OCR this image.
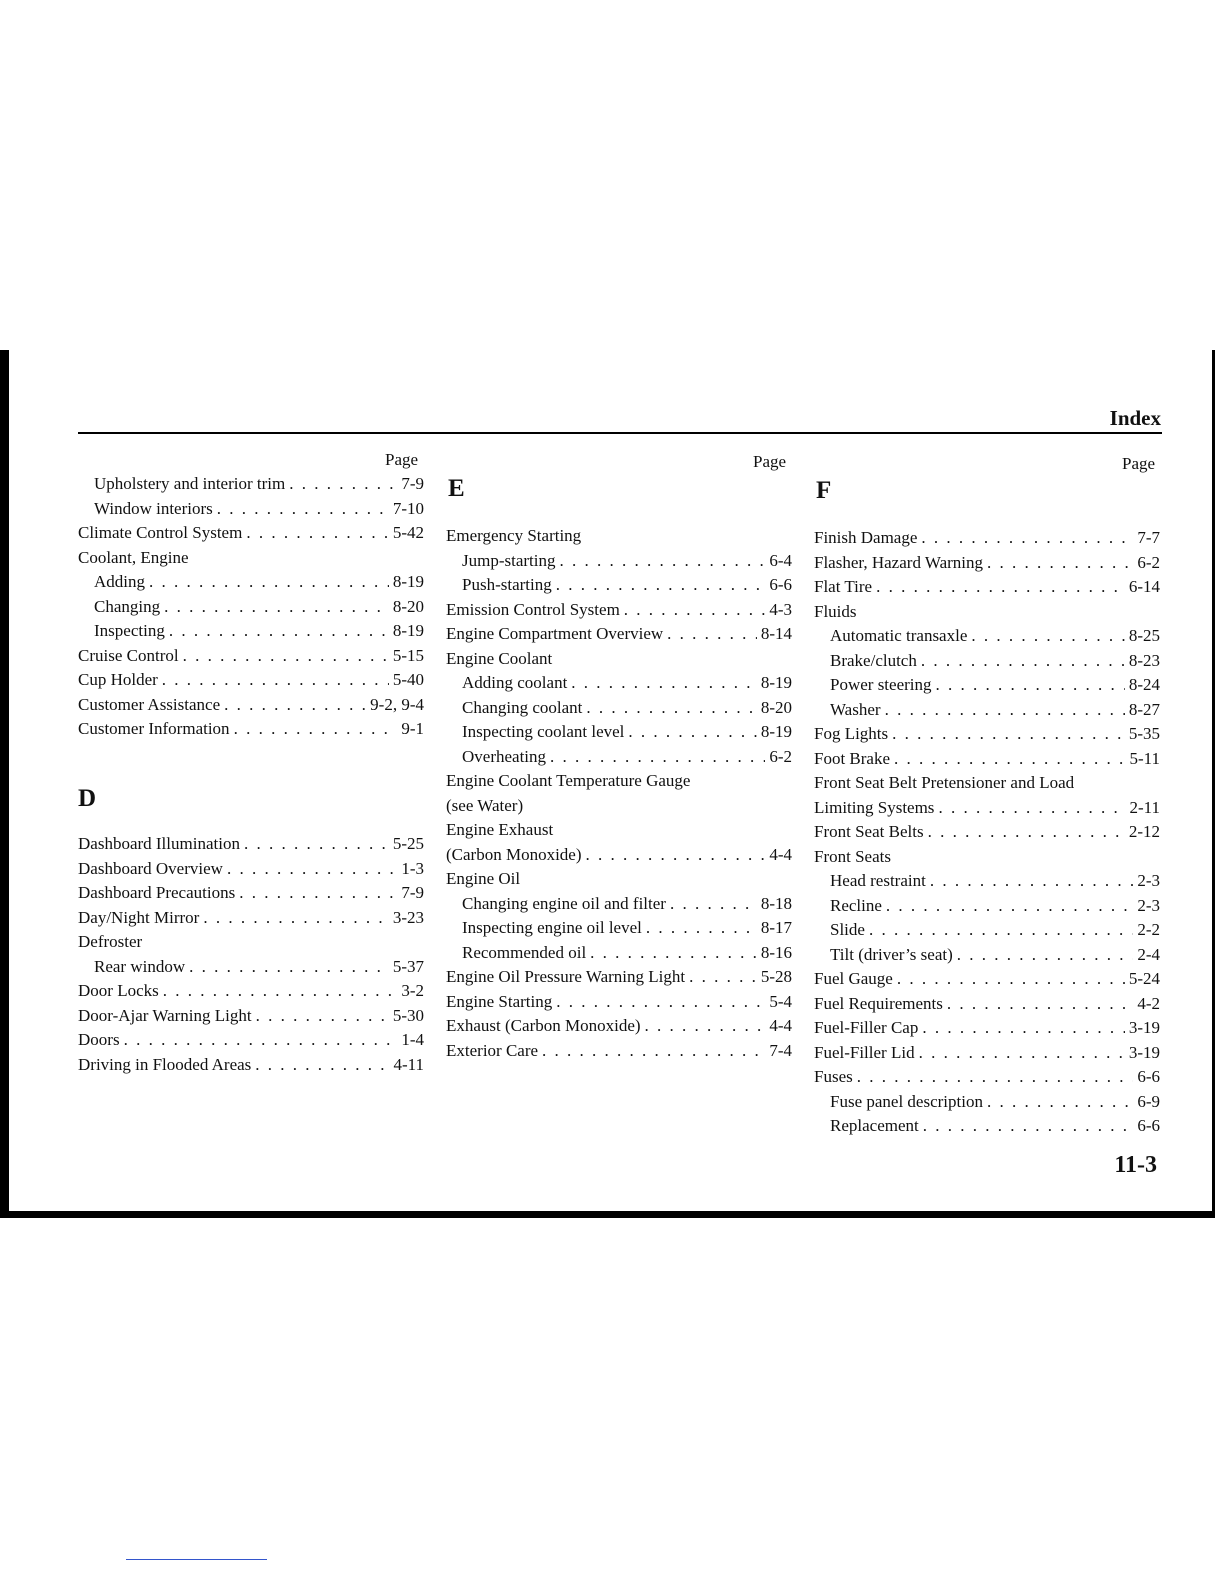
Index
Page
Upholstery and interior trim . . .	7-9
Window interiors . . .	7-10
Climate Control System . . .	5-42
Coolant, Engine
Adding . . .	8-19
Changing . . .	8-20
Inspecting . . .	8-19
Cruise Control . . .	5-15
Cup Holder . . .	5-40
Customer Assistance . . .	9-2, 9-4
Customer Information . . .	9-1
D
Dashboard Illumination . . .	5-25
Dashboard Overview . . .	1-3
Dashboard Precautions . . .	7-9
Day/Night Mirror . . .	3-23
Defroster
Rear window . . .	5-37
Door Locks . . .	3-2
Door-Ajar Warning Light . . .	5-30
Doors . . .	1-4
Driving in Flooded Areas . . .	4-11
Page
E
Emergency Starting
Jump-starting . . .	6-4
Push-starting . . .	6-6
Emission Control System . . .	4-3
Engine Compartment Overview . . .	8-14
Engine Coolant
Adding coolant . . .	8-19
Changing coolant . . .	8-20
Inspecting coolant level . . .	8-19
Overheating . . .	6-2
Engine Coolant Temperature Gauge
(see Water)
Engine Exhaust
(Carbon Monoxide) . . .	4-4
Engine Oil
Changing engine oil and filter . . .	8-18
Inspecting engine oil level . . .	8-17
Recommended oil . . .	8-16
Engine Oil Pressure Warning Light . . .	5-28
Engine Starting . . .	5-4
Exhaust (Carbon Monoxide) . . .	4-4
Exterior Care . . .	7-4
Page
F
Finish Damage . . .	7-7
Flasher, Hazard Warning . . .	6-2
Flat Tire . . .	6-14
Fluids
Automatic transaxle . . .	8-25
Brake/clutch . . .	8-23
Power steering . . .	8-24
Washer . . .	8-27
Fog Lights . . .	5-35
Foot Brake . . .	5-11
Front Seat Belt Pretensioner and Load
Limiting Systems . . .	2-11
Front Seat Belts . . .	2-12
Front Seats
Head restraint . . .	2-3
Recline . . .	2-3
Slide . . .	2-2
Tilt (driver’s seat) . . .	2-4
Fuel Gauge . . .	5-24
Fuel Requirements . . .	4-2
Fuel-Filler Cap . . .	3-19
Fuel-Filler Lid . . .	3-19
Fuses . . .	6-6
Fuse panel description . . .	6-9
Replacement . . .	6-6
11-3
